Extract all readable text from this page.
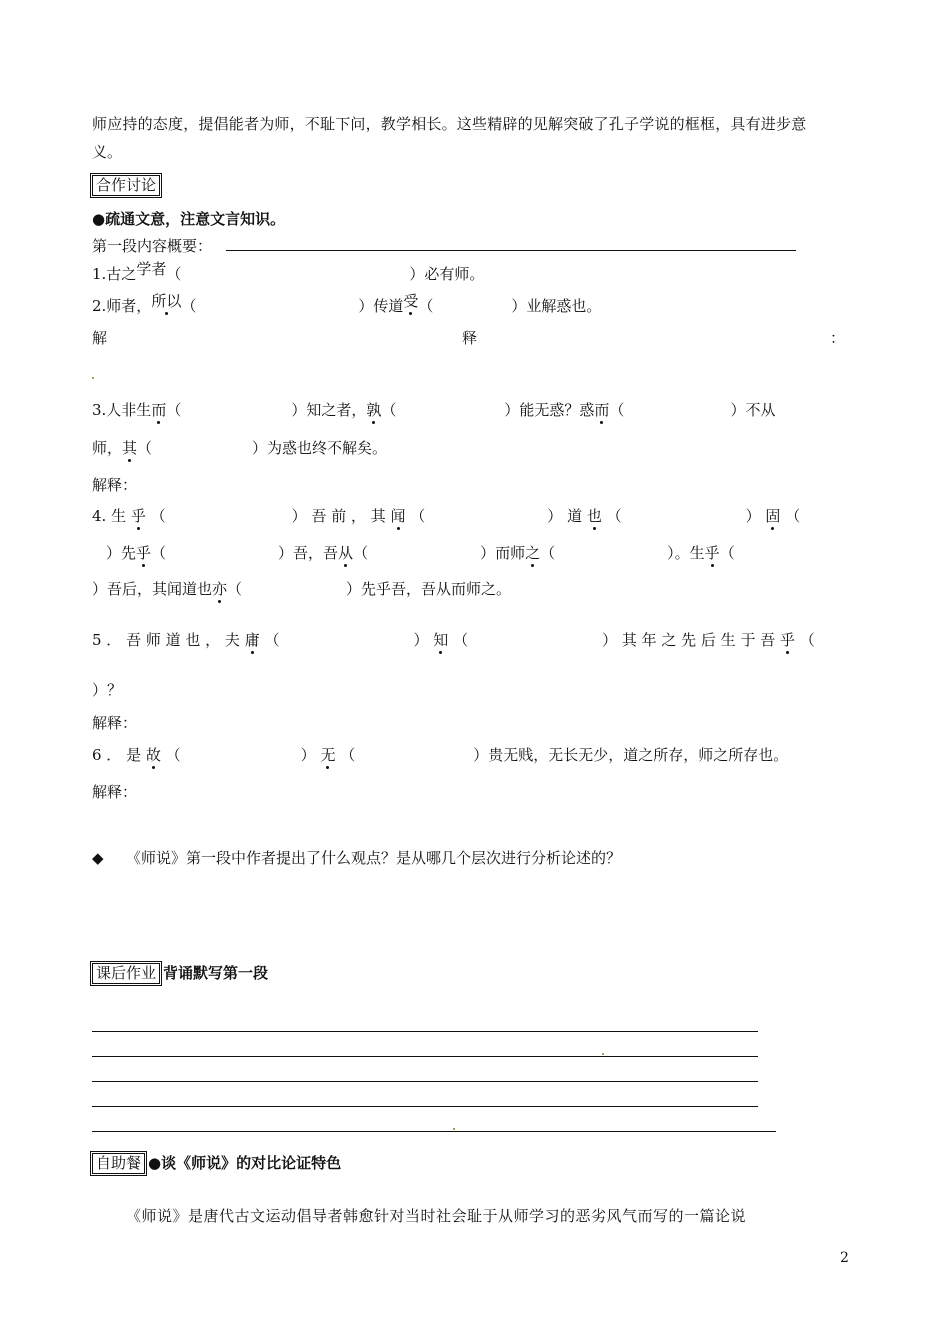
师应持的态度，提倡能者为师，不耻下问，教学相长。这些精辟的见解突破了孔子学说的框框，具有进步意
义。
合作讨论
●疏通文意，注意文言知识。
第一段内容概要：
1.古之学者（	）必有师。
2.师者，所以（	）传道受（	）业解惑也。
解	释	：
3.人非生而（	）知之者，孰（	）能无惑？惑而（	）不从
师，其（	）为惑也终不解矣。
解释：
4. 生 乎 （	） 吾 前 ， 其 闻 （	） 道 也 （	） 固 （
）先乎（	）吾，吾从（	）而师之（	）。生乎（
）吾后，其闻道也亦（	）先乎吾，吾从而师之。
5 ． 吾 师 道 也 ， 夫 庸 （	） 知 （	） 其 年 之 先 后 生 于 吾 乎 （
）？
解释：
6 ． 是 故 （	） 无 （	）贵无贱，无长无少，道之所存，师之所存也。
解释：
◆　　《师说》第一段中作者提出了什么观点？是从哪几个层次进行分析论述的？
课后作业 背诵默写第一段
自助餐 ●谈《师说》的对比论证特色
《师说》是唐代古文运动倡导者韩愈针对当时社会耻于从师学习的恶劣风气而写的一篇论说
2
